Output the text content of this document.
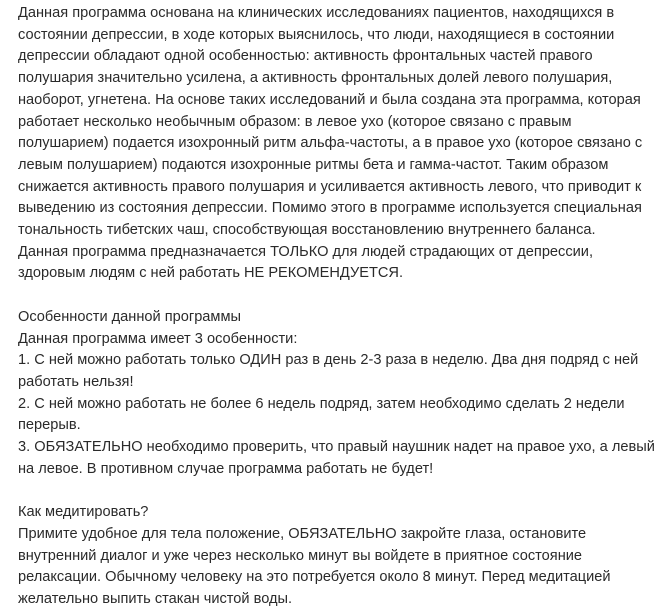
Данная программа основана на клинических исследованиях пациентов, находящихся в
состоянии депрессии, в ходе которых выяснилось, что люди, находящиеся в состоянии
депрессии обладают одной особенностью: активность фронтальных частей правого
полушария значительно усилена, а активность фронтальных долей левого полушария,
наоборот, угнетена. На основе таких исследований и была создана эта программа, которая
работает несколько необычным образом: в левое ухо (которое связано с правым
полушарием) подается изохронный ритм альфа-частоты, а в правое ухо (которое связано с
левым полушарием) подаются изохронные ритмы бета и гамма-частот. Таким образом
снижается активность правого полушария и усиливается активность левого, что приводит к
выведению из состояния депрессии. Помимо этого в программе используется специальная
тональность тибетских чаш, способствующая восстановлению внутреннего баланса.
Данная программа предназначается ТОЛЬКО для людей страдающих от депрессии,
здоровым людям с ней работать НЕ РЕКОМЕНДУЕТСЯ.
Особенности данной программы
Данная программа имеет 3 особенности:
1. С ней можно работать только ОДИН раз в день 2-3 раза в неделю. Два дня подряд с ней
работать нельзя!
2. С ней можно работать не более 6 недель подряд, затем необходимо сделать 2 недели
перерыв.
3. ОБЯЗАТЕЛЬНО необходимо проверить, что правый наушник надет на правое ухо, а левый
на левое. В противном случае программа работать не будет!
Как медитировать?
Примите удобное для тела положение, ОБЯЗАТЕЛЬНО закройте глаза, остановите
внутренний диалог и уже через несколько минут вы войдете в приятное состояние
релаксации. Обычному человеку на это потребуется около 8 минут. Перед медитацией
желательно выпить стакан чистой воды.
